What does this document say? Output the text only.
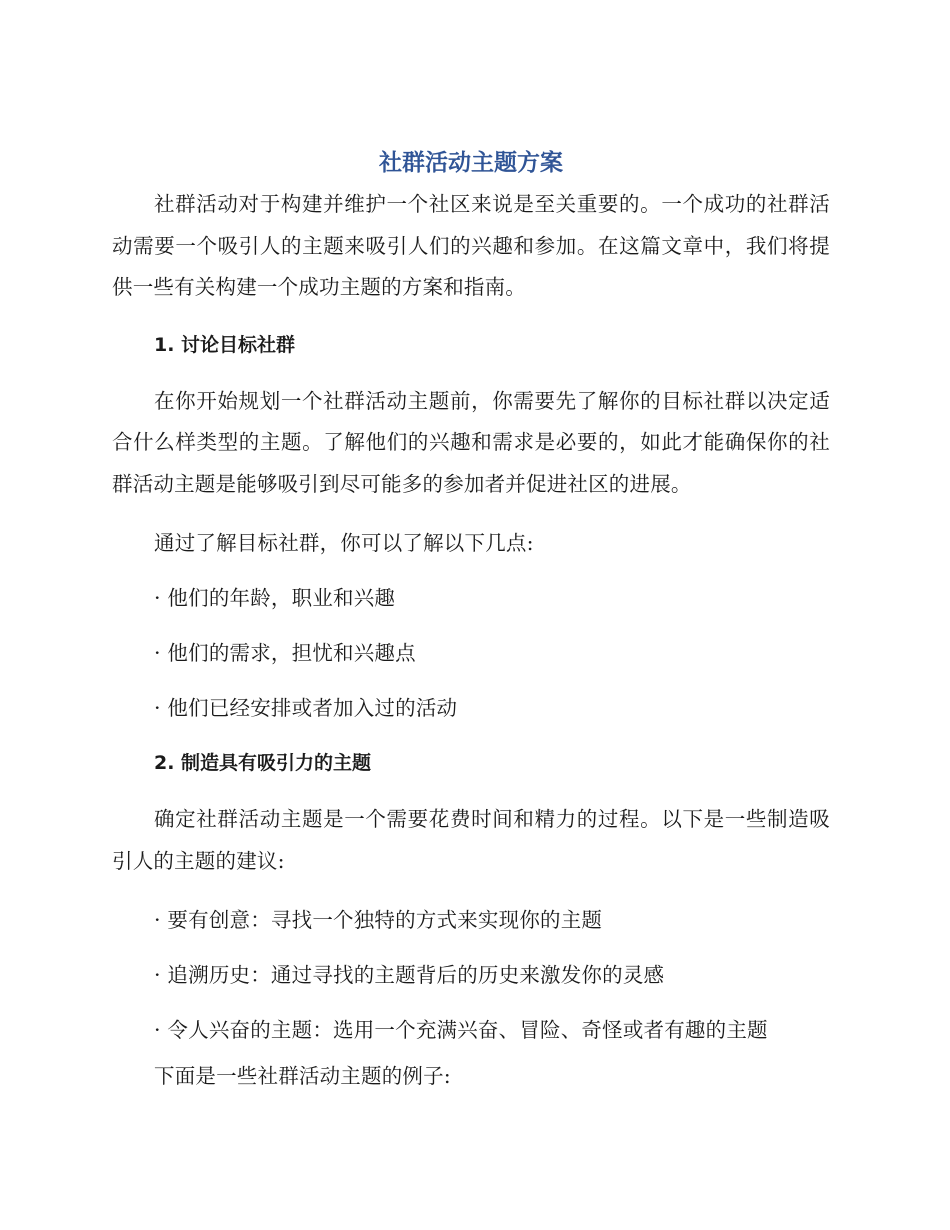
社群活动主题方案

社群活动对于构建并维护一个社区来说是至关重要的。一个成功的社群活动需要一个吸引人的主题来吸引人们的兴趣和参加。在这篇文章中，我们将提供一些有关构建一个成功主题的方案和指南。

1. 讨论目标社群

在你开始规划一个社群活动主题前，你需要先了解你的目标社群以决定适合什么样类型的主题。了解他们的兴趣和需求是必要的，如此才能确保你的社群活动主题是能够吸引到尽可能多的参加者并促进社区的进展。

通过了解目标社群，你可以了解以下几点:

· 他们的年龄，职业和兴趣

· 他们的需求，担忧和兴趣点

· 他们已经安排或者加入过的活动

2. 制造具有吸引力的主题

确定社群活动主题是一个需要花费时间和精力的过程。以下是一些制造吸引人的主题的建议:

· 要有创意：寻找一个独特的方式来实现你的主题

· 追溯历史：通过寻找的主题背后的历史来激发你的灵感

· 令人兴奋的主题：选用一个充满兴奋、冒险、奇怪或者有趣的主题

下面是一些社群活动主题的例子:
